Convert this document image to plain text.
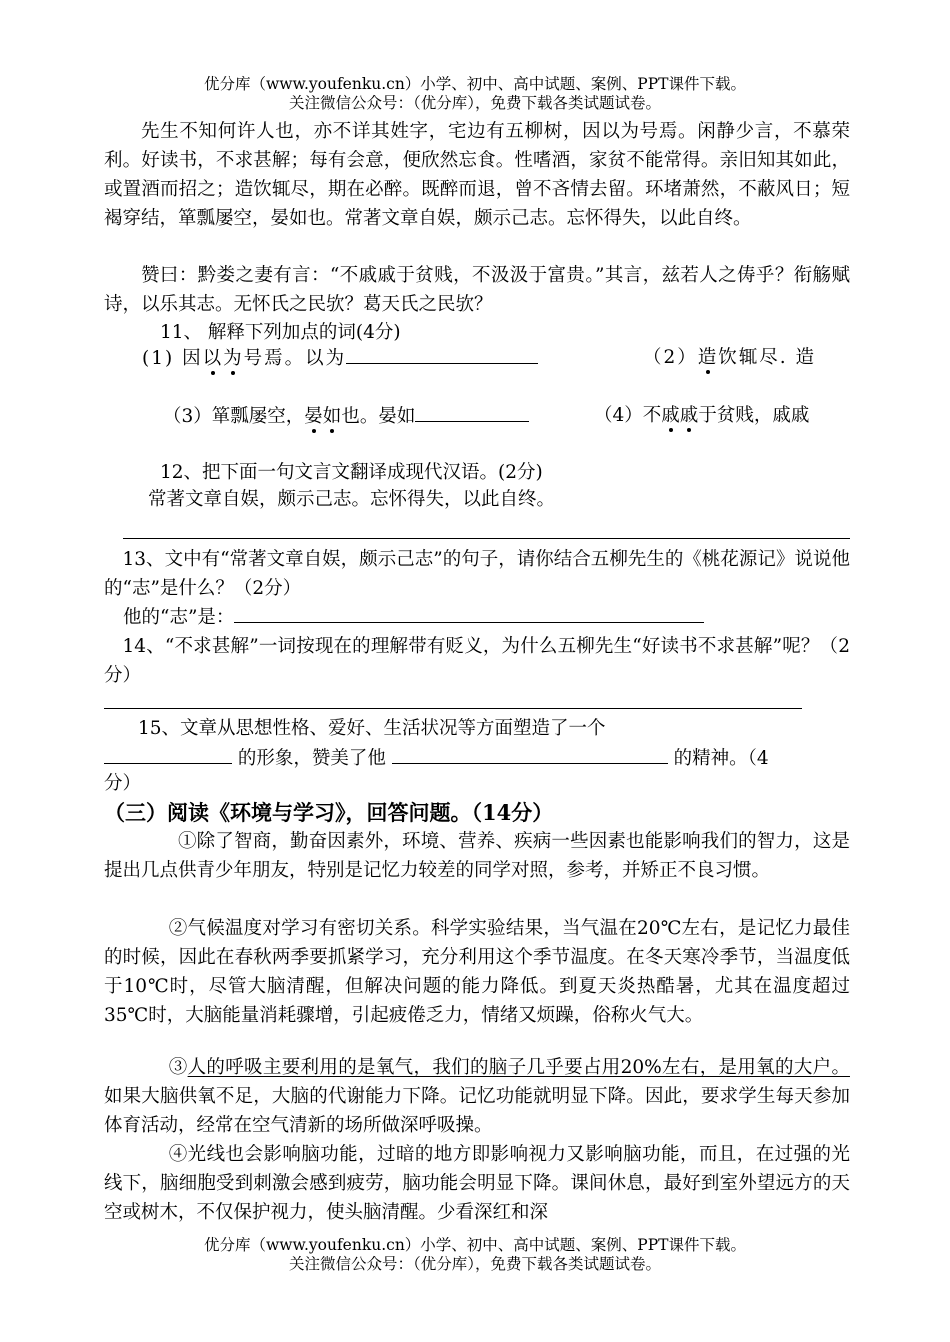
优分库（www.youfenku.cn）小学、初中、高中试题、案例、PPT课件下载。
关注微信公众号：（优分库），免费下载各类试题试卷。
先生不知何许人也，亦不详其姓字，宅边有五柳树，因以为号焉。闲静少言，不慕荣利。好读书，不求甚解；每有会意，便欣然忘食。性嗜酒，家贫不能常得。亲旧知其如此，或置酒而招之；造饮辄尽，期在必醉。既醉而退，曾不吝情去留。环堵萧然，不蔽风日；短褐穿结，箪瓢屡空，晏如也。常著文章自娱，颇示己志。忘怀得失，以此自终。
赞曰：黔娄之妻有言：“不戚戚于贫贱，不汲汲于富贵。”其言，兹若人之俦乎？衔觞赋诗，以乐其志。无怀氏之民欤？葛天氏之民欤？
11、 解释下列加点的词(4分)
(1) 因以为号焉。以为	（2）造饮辄尽. 造
（3）箪瓢屡空，晏如也。晏如	（4）不戚戚于贫贱，戚戚
12、把下面一句文言文翻译成现代汉语。(2分)
常著文章自娱，颇示己志。忘怀得失，以此自终。
13、文中有“常著文章自娱，颇示己志”的句子，请你结合五柳先生的《桃花源记》说说他的“志”是什么？（2分）
他的“志”是：
14、“不求甚解”一词按现在的理解带有贬义，为什么五柳先生“好读书不求甚解”呢？（2分）
15、文章从思想性格、爱好、生活状况等方面塑造了一个
的形象，赞美了他	的精神。（4
分）
（三）阅读《环境与学习》，回答问题。（14分）
①除了智商，勤奋因素外，环境、营养、疾病一些因素也能影响我们的智力，这是提出几点供青少年朋友，特别是记忆力较差的同学对照，参考，并矫正不良习惯。
②气候温度对学习有密切关系。科学实验结果，当气温在20℃左右，是记忆力最佳的时候，因此在春秋两季要抓紧学习，充分利用这个季节温度。在冬天寒冷季节，当温度低于10℃时，尽管大脑清醒，但解决问题的能力降低。到夏天炎热酷暑，尤其在温度超过35℃时，大脑能量消耗骤增，引起疲倦乏力，情绪又烦躁，俗称火气大。
③人的呼吸主要利用的是氧气，我们的脑子几乎要占用20%左右，是用氧的大户。如果大脑供氧不足，大脑的代谢能力下降。记忆功能就明显下降。因此，要求学生每天参加体育活动，经常在空气清新的场所做深呼吸操。
④光线也会影响脑功能，过暗的地方即影响视力又影响脑功能，而且，在过强的光线下，脑细胞受到刺激会感到疲劳，脑功能会明显下降。课间休息，最好到室外望远方的天空或树木，不仅保护视力，使头脑清醒。少看深红和深
优分库（www.youfenku.cn）小学、初中、高中试题、案例、PPT课件下载。
关注微信公众号：（优分库），免费下载各类试题试卷。
